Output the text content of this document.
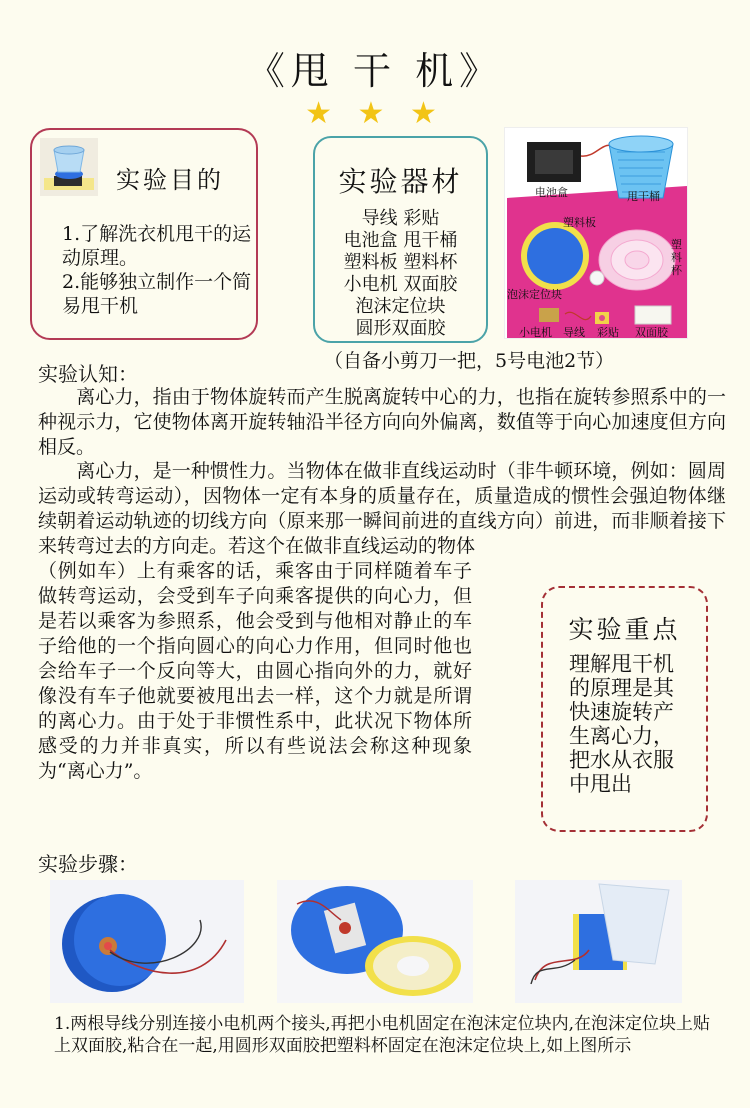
《甩 干 机》
★ ★ ★
实验目的
1.了解洗衣机甩干的运动原理。
2.能够独立制作一个简易甩干机
实验器材
导线 彩贴
电池盒 甩干桶
塑料板 塑料杯
小电机 双面胶
泡沫定位块
圆形双面胶
电池盒	甩干桶
塑料板
塑料杯
泡沫定位块
小电机 导线 彩贴 双面胶
（自备小剪刀一把，5号电池2节）
实验认知：
　　离心力，指由于物体旋转而产生脱离旋转中心的力，也指在旋转参照系中的一种视示力，它使物体离开旋转轴沿半径方向向外偏离，数值等于向心加速度但方向相反。
　　离心力，是一种惯性力。当物体在做非直线运动时（非牛顿环境，例如：圆周运动或转弯运动），因物体一定有本身的质量存在，质量造成的惯性会强迫物体继续朝着运动轨迹的切线方向（原来那一瞬间前进的直线方向）前进，而非顺着接下来转弯过去的方向走。若这个在做非直线运动的物体
（例如车）上有乘客的话，乘客由于同样随着车子做转弯运动，会受到车子向乘客提供的向心力，但是若以乘客为参照系，他会受到与他相对静止的车子给他的一个指向圆心的向心力作用，但同时他也会给车子一个反向等大，由圆心指向外的力，就好像没有车子他就要被甩出去一样，这个力就是所谓的离心力。由于处于非惯性系中，此状况下物体所感受的力并非真实，所以有些说法会称这种现象为“离心力”。
实验重点
理解甩干机的原理是其快速旋转产生离心力，把水从衣服中甩出
实验步骤：
1.两根导线分别连接小电机两个接头,再把小电机固定在泡沫定位块内,在泡沫定位块上贴上双面胶,粘合在一起,用圆形双面胶把塑料杯固定在泡沫定位块上,如上图所示
